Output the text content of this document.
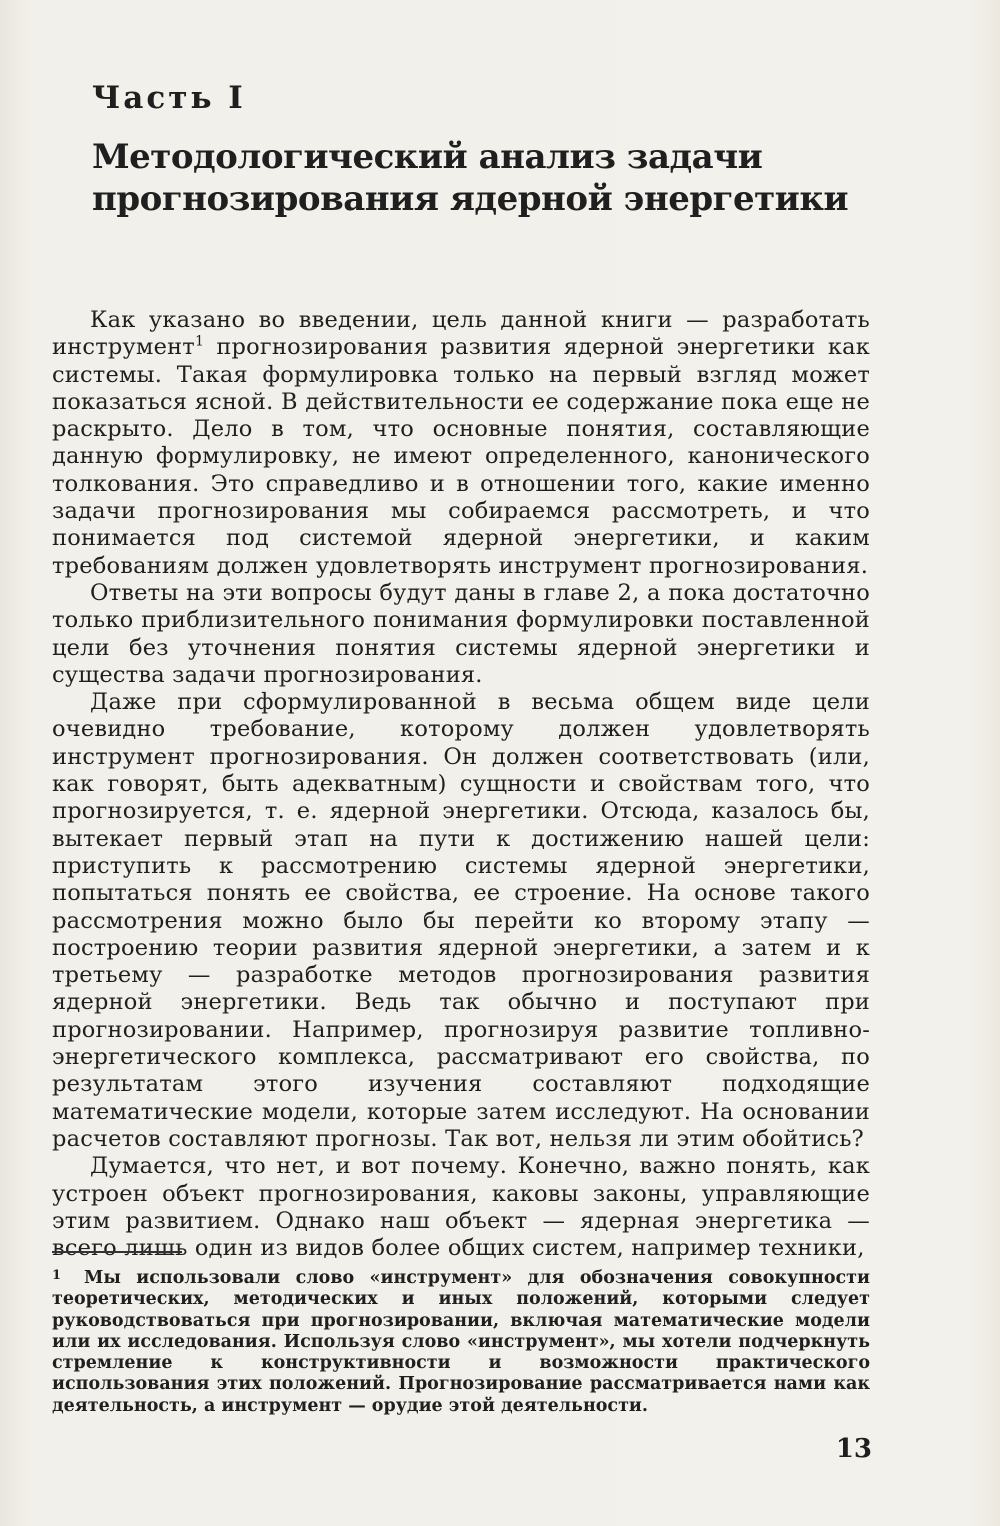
Часть I
Методологический анализ задачи
прогнозирования ядерной энергетики

Как указано во введении, цель данной книги — разработать инструмент$^1$ прогнозирования развития ядерной энергетики как системы. Такая формулировка только на первый взгляд может показаться ясной. В действительности ее содержание пока еще не раскрыто. Дело в том, что основные понятия, составляющие данную формулировку, не имеют определенного, канонического толкования. Это справедливо и в отношении того, какие именно задачи прогнозирования мы собираемся рассмотреть, и что понимается под системой ядерной энергетики, и каким требованиям должен удовлетворять инструмент прогнозирования.

Ответы на эти вопросы будут даны в главе 2, а пока достаточно только приблизительного понимания формулировки поставленной цели без уточнения понятия системы ядерной энергетики и существа задачи прогнозирования.

Даже при сформулированной в весьма общем виде цели очевидно требование, которому должен удовлетворять инструмент прогнозирования. Он должен соответствовать (или, как говорят, быть адекватным) сущности и свойствам того, что прогнозируется, т. е. ядерной энергетики. Отсюда, казалось бы, вытекает первый этап на пути к достижению нашей цели: приступить к рассмотрению системы ядерной энергетики, попытаться понять ее свойства, ее строение. На основе такого рассмотрения можно было бы перейти ко второму этапу — построению теории развития ядерной энергетики, а затем и к третьему — разработке методов прогнозирования развития ядерной энергетики. Ведь так обычно и поступают при прогнозировании. Например, прогнозируя развитие топливно-энергетического комплекса, рассматривают его свойства, по результатам этого изучения составляют подходящие математические модели, которые затем исследуют. На основании расчетов составляют прогнозы. Так вот, нельзя ли этим обойтись?

Думается, что нет, и вот почему. Конечно, важно понять, как устроен объект прогнозирования, каковы законы, управляющие этим развитием. Однако наш объект — ядерная энергетика — всего лишь один из видов более общих систем, например техники,

1 Мы использовали слово «инструмент» для обозначения совокупности теоретических, методических и иных положений, которыми следует руководствоваться при прогнозировании, включая математические модели или их исследования. Используя слово «инструмент», мы хотели подчеркнуть стремление к конструктивности и возможности практического использования этих положений. Прогнозирование рассматривается нами как деятельность, а инструмент — орудие этой деятельности.

13
